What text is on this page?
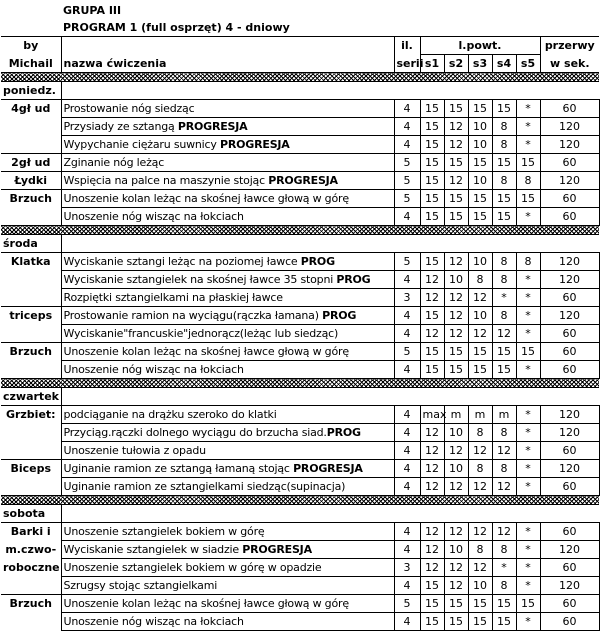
	GRUPA III							
	PROGRAM 1 (full osprzęt) 4 - dniowy							
by		il.	l.powt.					przerwy
Michail	nazwa ćwiczenia	serii	s1	s2	s3	s4	s5	w sek.

poniedz.								
4gł ud	Prostowanie nóg siedząc	4	15	15	15	15	*	60
	Przysiady ze sztangą PROGRESJA	4	15	12	10	8	*	120
	Wypychanie ciężaru suwnicy PROGRESJA	4	15	12	10	8	*	120
2gł ud	Zginanie nóg leżąc	5	15	15	15	15	15	60
Łydki	Wspięcia na palce na maszynie stojąc PROGRESJA	5	15	12	10	8	8	120
Brzuch	Unoszenie kolan leżąc na skośnej ławce głową w górę	5	15	15	15	15	15	60
	Unoszenie nóg wisząc na łokciach	4	15	15	15	15	*	60

środa								
Klatka	Wyciskanie sztangi leżąc na poziomej ławce PROG	5	15	12	10	8	8	120
	Wyciskanie sztangielek na skośnej ławce 35 stopni PROG	4	12	10	8	8	*	120
	Rozpiętki sztangielkami na płaskiej ławce	3	12	12	12	*	*	60
triceps	Prostowanie ramion na wyciągu(rączka łamana) PROG	4	15	12	10	8	*	120
	Wyciskanie"francuskie"jednorącz(leżąc lub siedząc)	4	12	12	12	12	*	60
Brzuch	Unoszenie kolan leżąc na skośnej ławce głową w górę	5	15	15	15	15	15	60
	Unoszenie nóg wisząc na łokciach	4	15	15	15	15	*	60

czwartek								
Grzbiet:	podciąganie na drążku szeroko do klatki	4	max	m	m	m	*	120
	Przyciąg.rączki dolnego wyciągu do brzucha siad.PROG	4	12	10	8	8	*	120
	Unoszenie tułowia z opadu	4	12	12	12	12	*	60
Biceps	Uginanie ramion ze sztangą łamaną stojąc PROGRESJA	4	12	10	8	8	*	120
	Uginanie ramion ze sztangielkami siedząc(supinacja)	4	12	12	12	12	*	60

sobota								
Barki i	Unoszenie sztangielek bokiem w górę	4	12	12	12	12	*	60
m.czwo-	Wyciskanie sztangielek w siadzie PROGRESJA	4	12	10	8	8	*	120
roboczne	Unoszenie sztangielek bokiem w górę w opadzie	3	12	12	12	*	*	60
	Szrugsy stojąc sztangielkami	4	15	12	10	8	*	120
Brzuch	Unoszenie kolan leżąc na skośnej ławce głową w górę	5	15	15	15	15	15	60
	Unoszenie nóg wisząc na łokciach	4	15	15	15	15	*	60
